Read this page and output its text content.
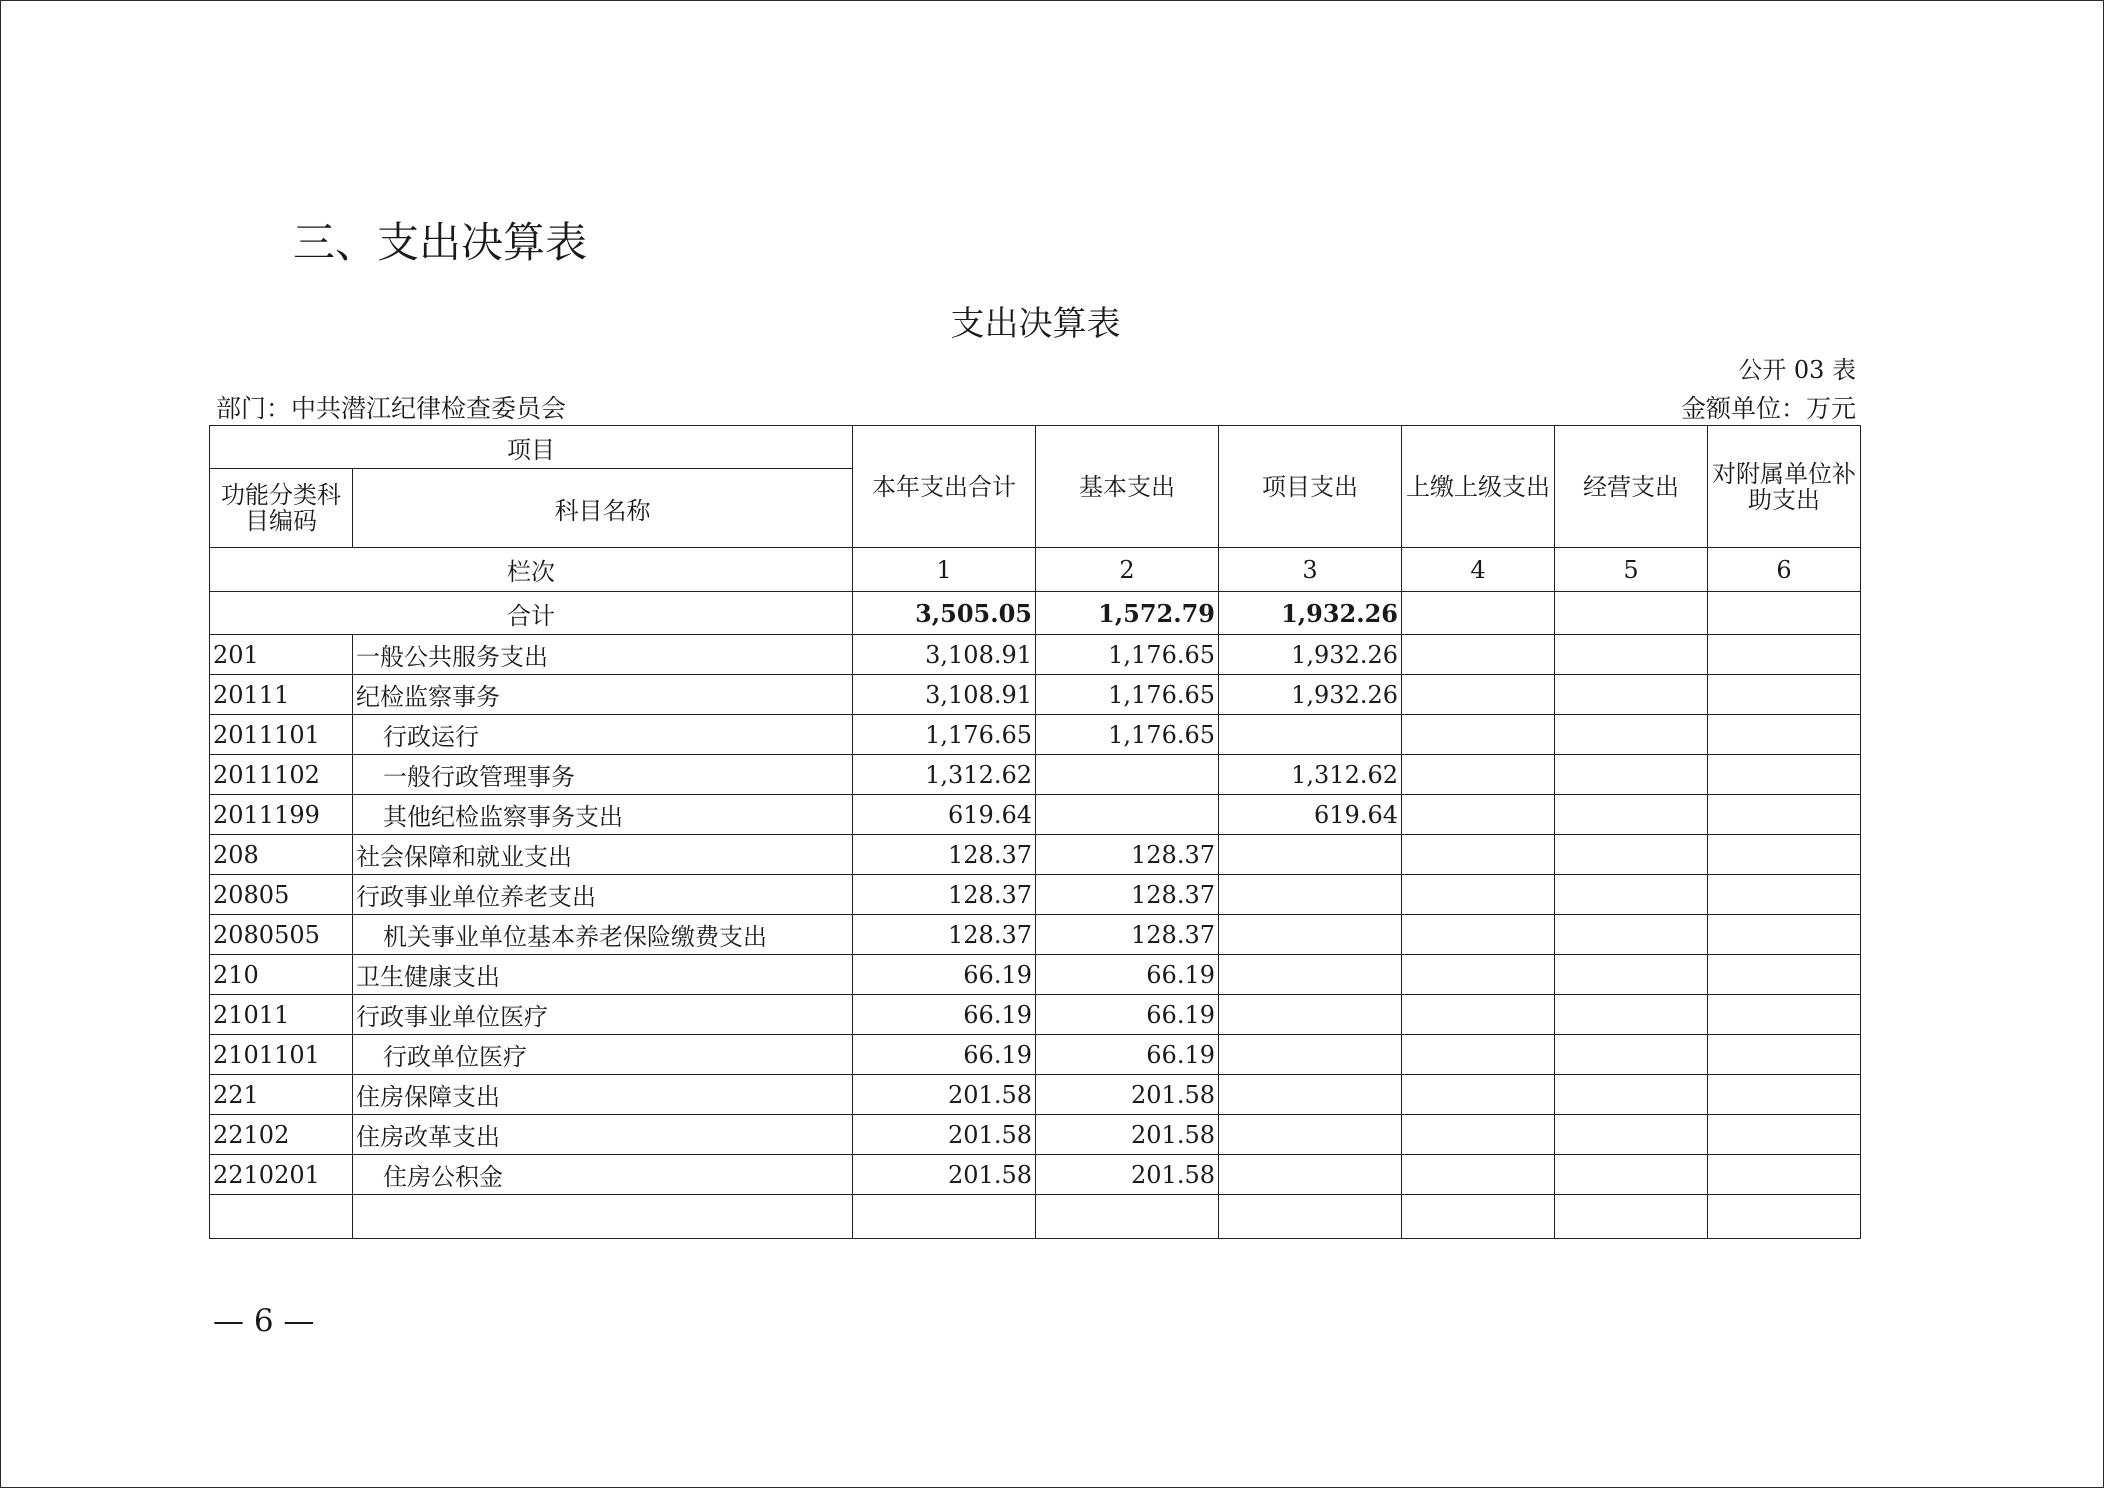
三、支出决算表
支出决算表
公开 03 表
部门：中共潜江纪律检查委员会	金额单位：万元
项目		本年支出合计	基本支出	项目支出	上缴上级支出	经营支出	对附属单位补助支出
功能分类科目编码	科目名称						
栏次		1	2	3	4	5	6
合计		3,505.05	1,572.79	1,932.26			
201	一般公共服务支出	3,108.91	1,176.65	1,932.26			
20111	纪检监察事务	3,108.91	1,176.65	1,932.26			
2011101	行政运行	1,176.65	1,176.65				
2011102	一般行政管理事务	1,312.62		1,312.62			
2011199	其他纪检监察事务支出	619.64		619.64			
208	社会保障和就业支出	128.37	128.37				
20805	行政事业单位养老支出	128.37	128.37				
2080505	机关事业单位基本养老保险缴费支出	128.37	128.37				
210	卫生健康支出	66.19	66.19				
21011	行政事业单位医疗	66.19	66.19				
2101101	行政单位医疗	66.19	66.19				
221	住房保障支出	201.58	201.58				
22102	住房改革支出	201.58	201.58				
2210201	住房公积金	201.58	201.58				

— 6 —
